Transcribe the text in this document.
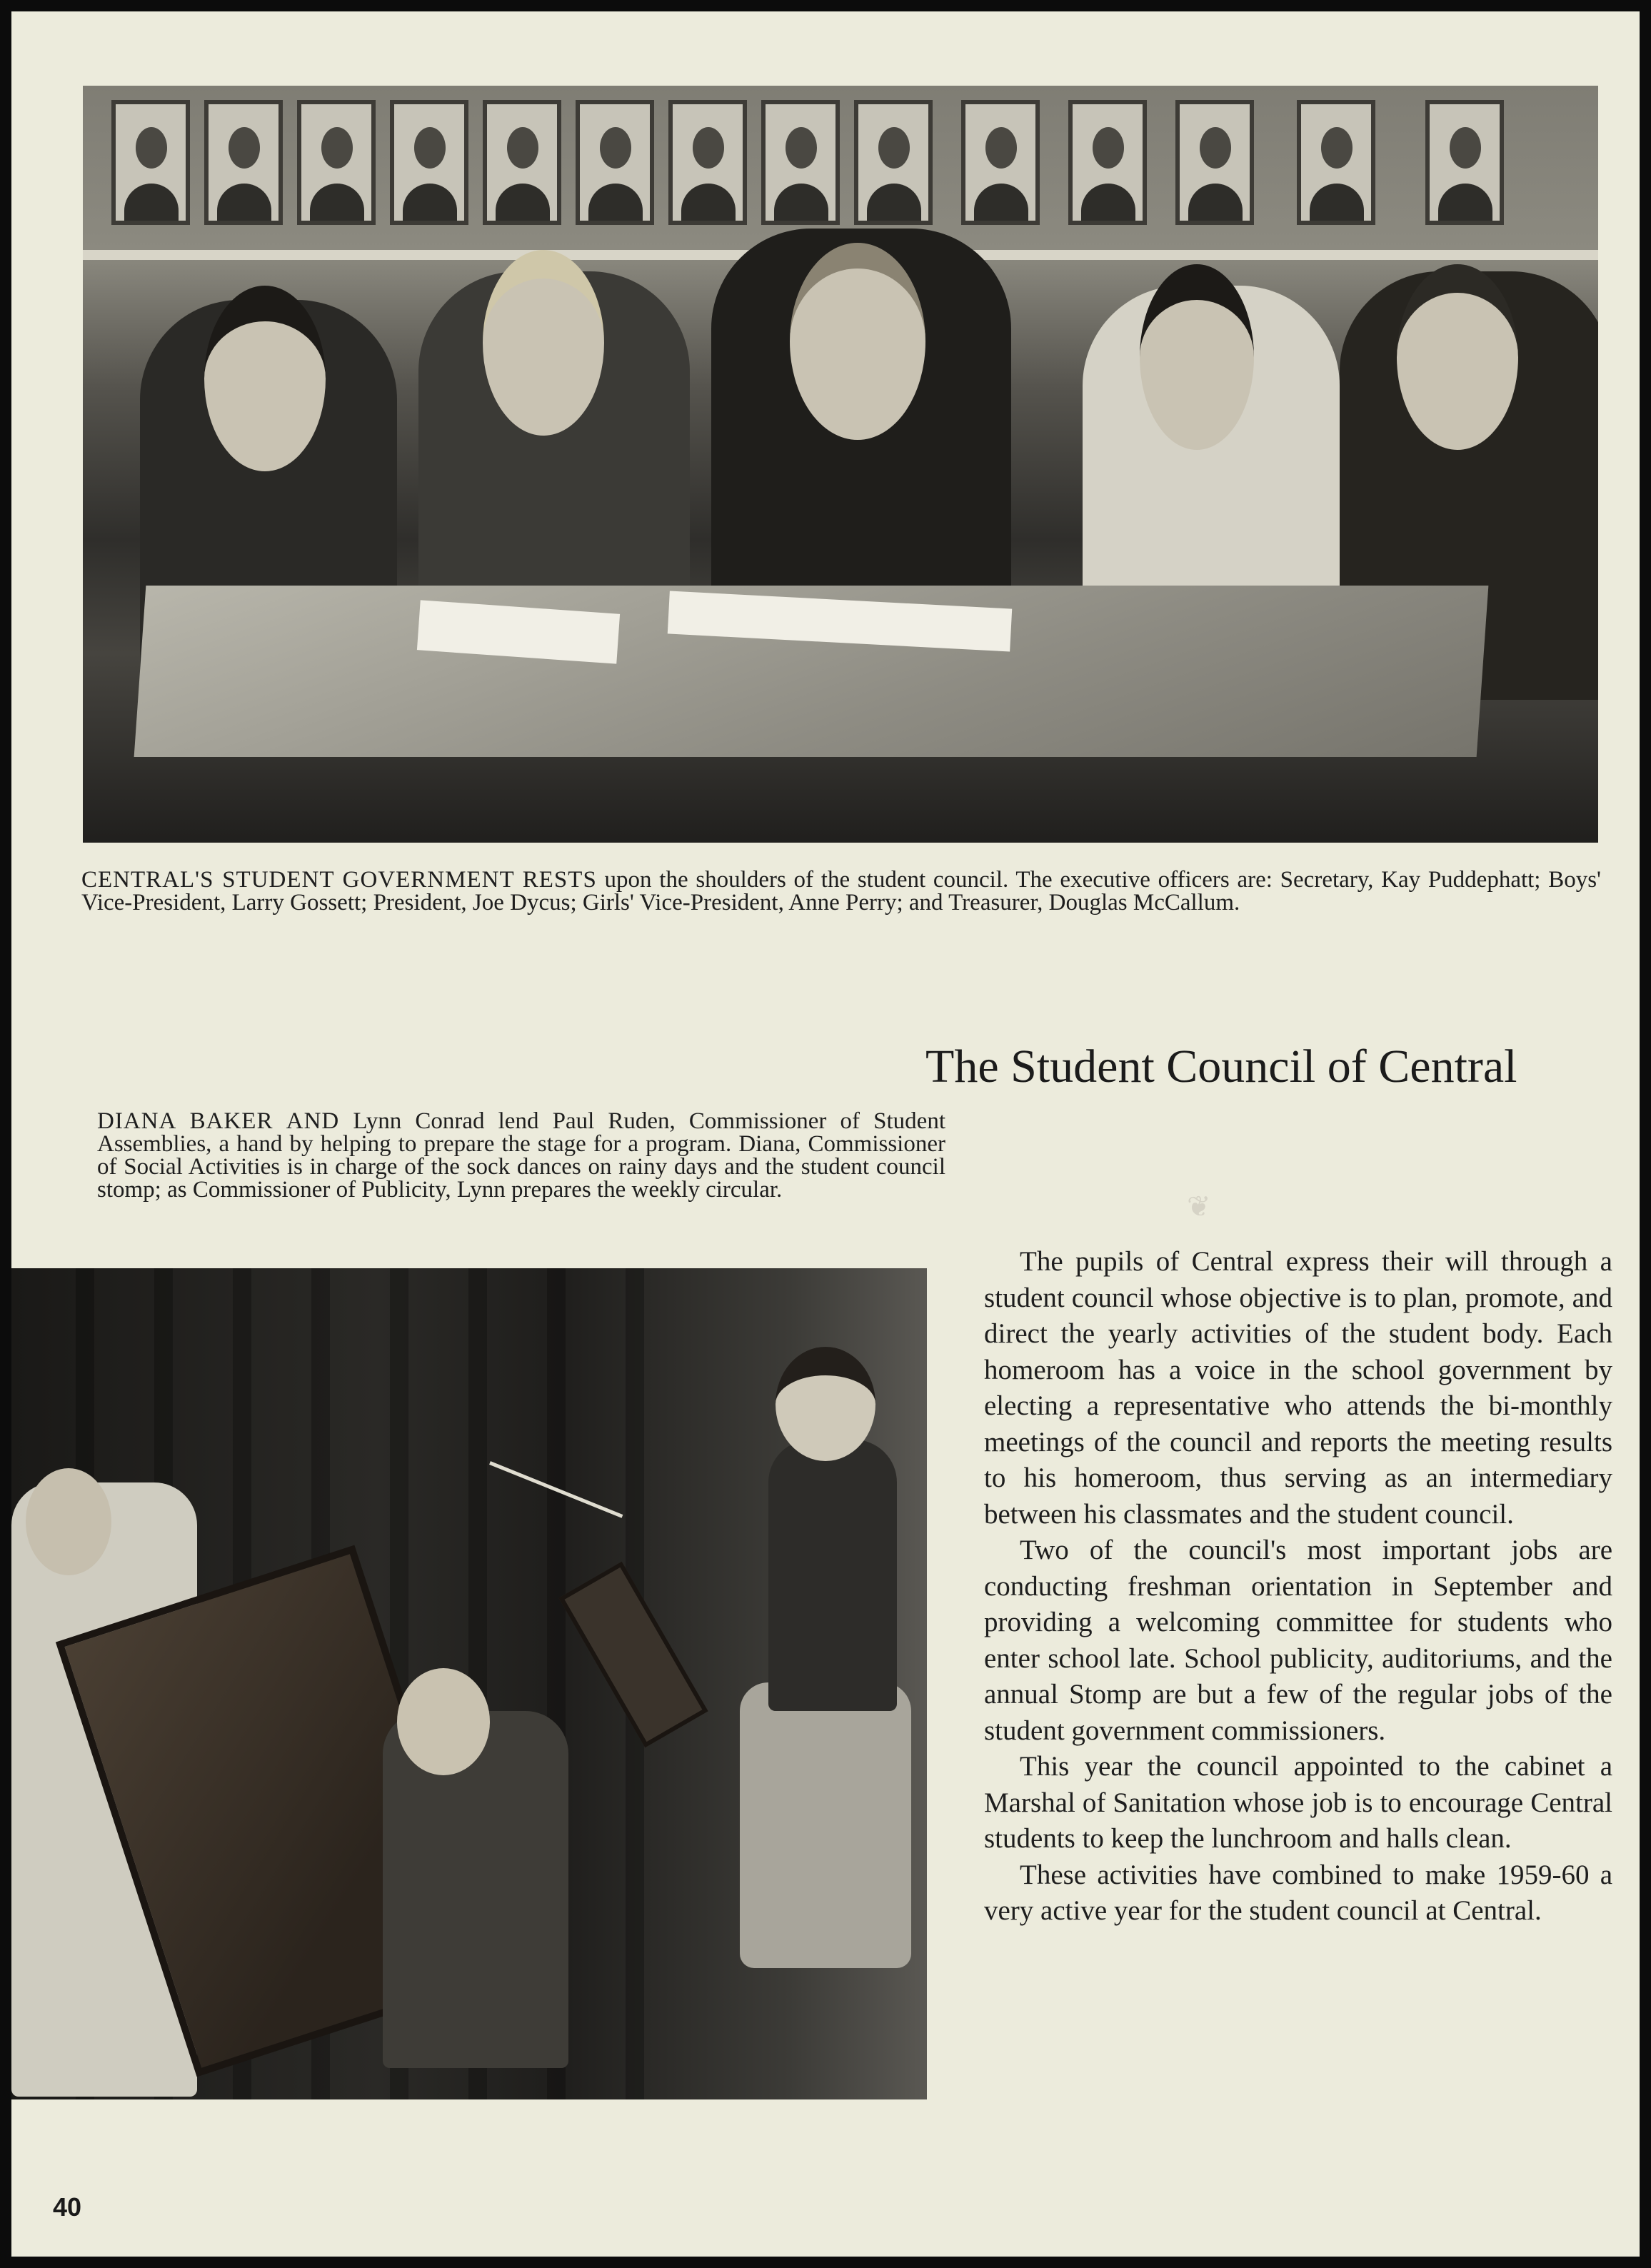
CENTRAL'S STUDENT GOVERNMENT RESTS upon the shoulders of the student council. The executive officers are: Secretary, Kay Puddephatt; Boys' Vice-President, Larry Gossett; President, Joe Dycus; Girls' Vice-President, Anne Perry; and Treasurer, Douglas McCallum.
The Student Council of Central
DIANA BAKER AND Lynn Conrad lend Paul Ruden, Commissioner of Student Assemblies, a hand by helping to prepare the stage for a program. Diana, Commissioner of Social Activities is in charge of the sock dances on rainy days and the student council stomp; as Commissioner of Publicity, Lynn prepares the weekly circular.
❦

The pupils of Central express their will through a student council whose objective is to plan, promote, and direct the yearly activities of the student body. Each homeroom has a voice in the school government by electing a representative who attends the bi-monthly meetings of the council and reports the meeting results to his homeroom, thus serving as an intermediary between his classmates and the student council.

Two of the council's most important jobs are conducting freshman orientation in September and providing a welcoming committee for students who enter school late. School publicity, auditoriums, and the annual Stomp are but a few of the regular jobs of the student government commissioners.

This year the council appointed to the cabinet a Marshal of Sanitation whose job is to encourage Central students to keep the lunchroom and halls clean.

These activities have combined to make 1959-60 a very active year for the student council at Central.

40
